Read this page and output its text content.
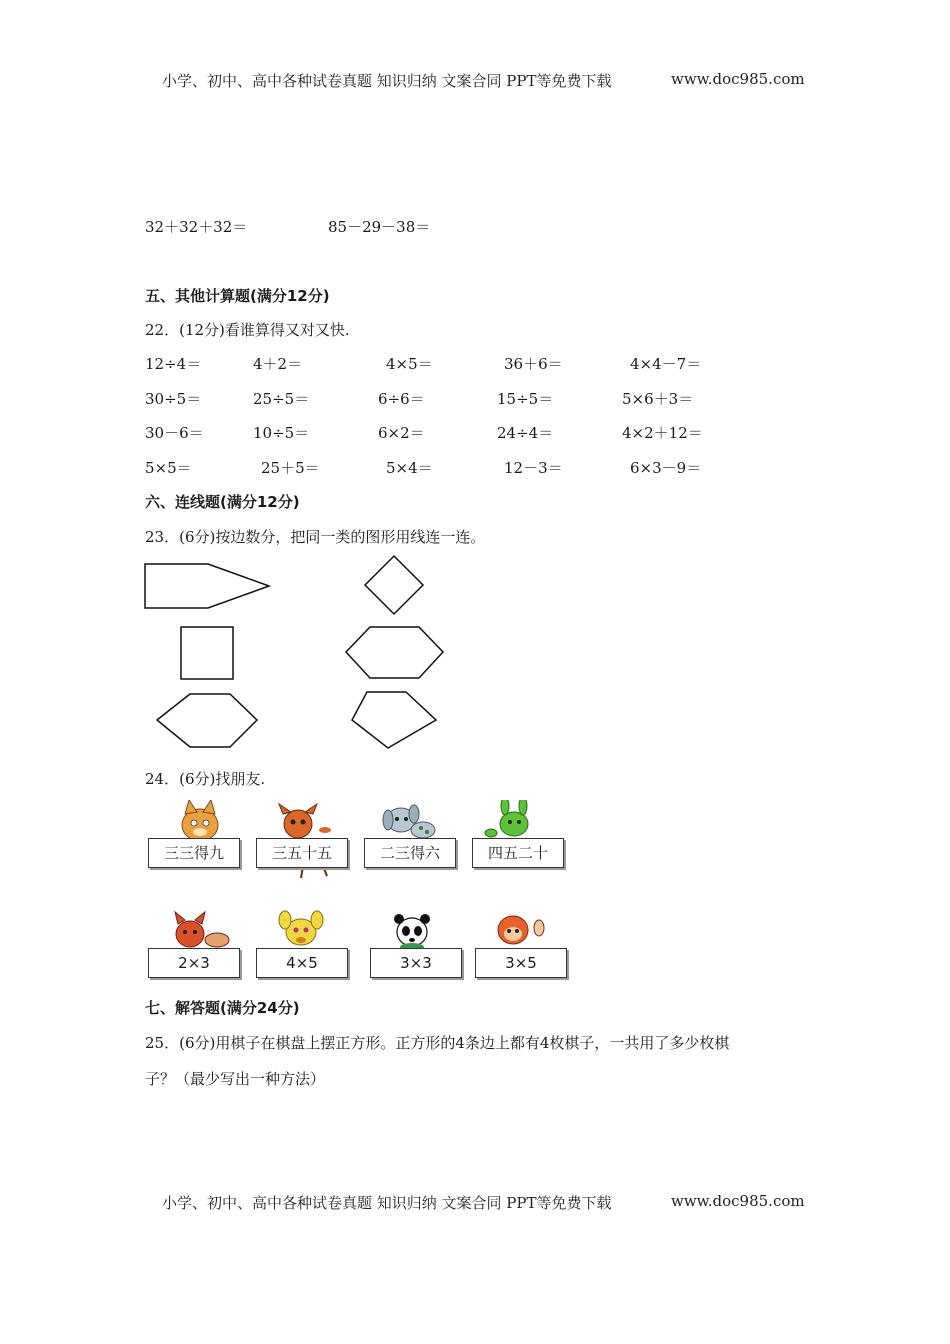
小学、初中、高中各种试卷真题 知识归纳 文案合同 PPT等免费下载	www.doc985.com
32＋32＋32＝	85－29－38＝
五、其他计算题(满分12分)
22．(12分)看谁算得又对又快.
12÷4＝	4＋2＝	4×5＝	36＋6＝	4×4－7＝
30÷5＝	25÷5＝	6÷6＝	15÷5＝	5×6＋3＝
30－6＝	10÷5＝	6×2＝	24÷4＝	4×2＋12＝
5×5＝	25＋5＝	5×4＝	12－3＝	6×3－9＝
六、连线题(满分12分)
23．(6分)按边数分，把同一类的图形用线连一连。
24．(6分)找朋友.
三三得九	三五十五	二三得六	四五二十
2×3	4×5	3×3	3×5
七、解答题(满分24分)
25．(6分)用棋子在棋盘上摆正方形。正方形的4条边上都有4枚棋子，一共用了多少枚棋
子？（最少写出一种方法）
小学、初中、高中各种试卷真题 知识归纳 文案合同 PPT等免费下载	www.doc985.com
